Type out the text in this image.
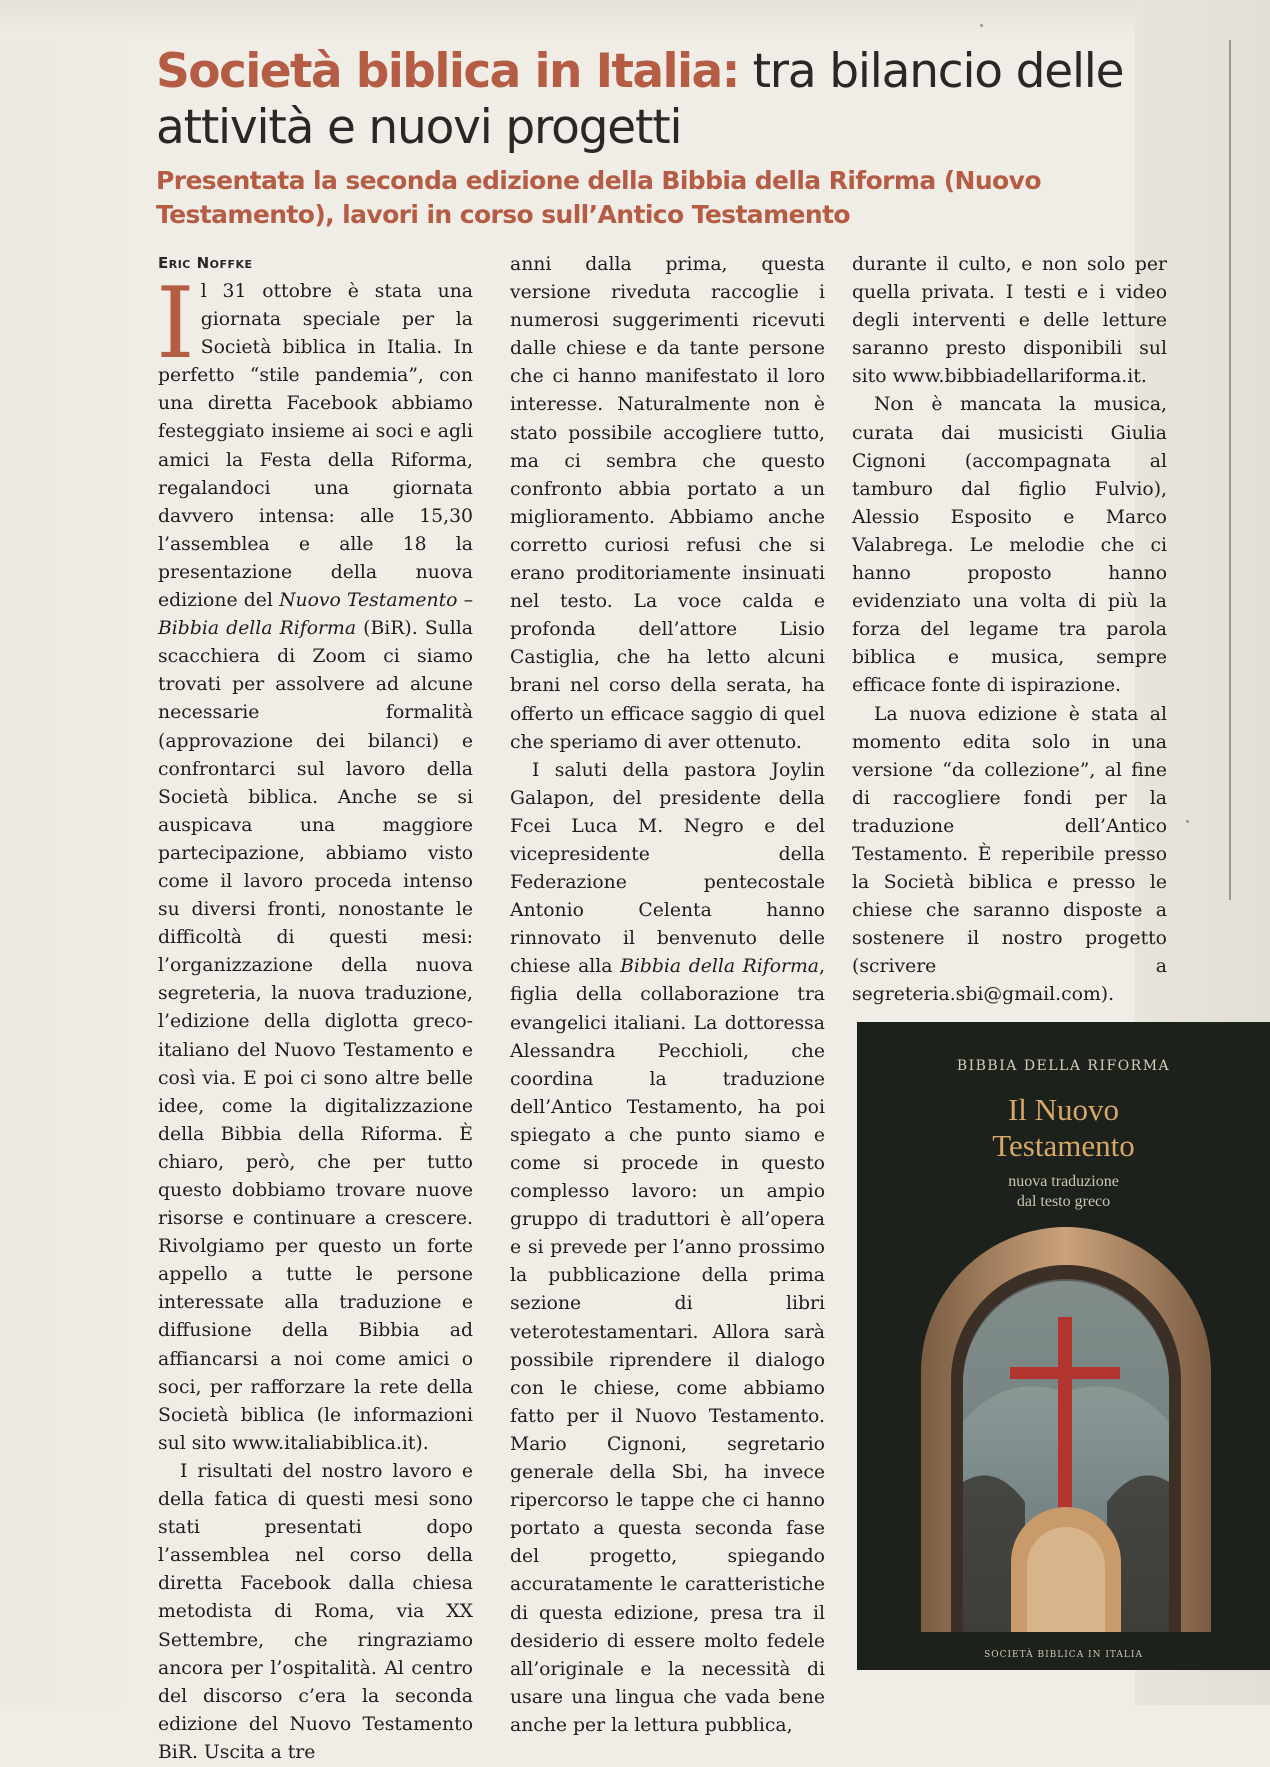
Società biblica in Italia: tra bilancio delle attività e nuovi progetti
Presentata la seconda edizione della Bibbia della Riforma (Nuovo Testamento), lavori in corso sull’Antico Testamento
Eric Noffke

Il 31 ottobre è stata una giornata speciale per la Società biblica in Italia. In perfetto “stile pandemia”, con una diretta Facebook abbiamo festeggiato insieme ai soci e agli amici la Festa della Riforma, regalandoci una giornata davvero intensa: alle 15,30 l’assemblea e alle 18 la presentazione della nuova edizione del Nuovo Testamento – Bibbia della Riforma (BiR). Sulla scacchiera di Zoom ci siamo trovati per assolvere ad alcune necessarie formalità (approvazione dei bilanci) e confrontarci sul lavoro della Società biblica. Anche se si auspicava una maggiore partecipazione, abbiamo visto come il lavoro proceda intenso su diversi fronti, nonostante le difficoltà di questi mesi: l’organizzazione della nuova segreteria, la nuova traduzione, l’edizione della diglotta greco-italiano del Nuovo Testamento e così via. E poi ci sono altre belle idee, come la digitalizzazione della Bibbia della Riforma. È chiaro, però, che per tutto questo dobbiamo trovare nuove risorse e continuare a crescere. Rivolgiamo per questo un forte appello a tutte le persone interessate alla traduzione e diffusione della Bibbia ad affiancarsi a noi come amici o soci, per rafforzare la rete della Società biblica (le informazioni sul sito www.italiabiblica.it).

I risultati del nostro lavoro e della fatica di questi mesi sono stati presentati dopo l’assemblea nel corso della diretta Facebook dalla chiesa metodista di Roma, via XX Settembre, che ringraziamo ancora per l’ospitalità. Al centro del discorso c’era la seconda edizione del Nuovo Testamento BiR. Uscita a tre

anni dalla prima, questa versione riveduta raccoglie i numerosi suggerimenti ricevuti dalle chiese e da tante persone che ci hanno manifestato il loro interesse. Naturalmente non è stato possibile accogliere tutto, ma ci sembra che questo confronto abbia portato a un miglioramento. Abbiamo anche corretto curiosi refusi che si erano proditoriamente insinuati nel testo. La voce calda e profonda dell’attore Lisio Castiglia, che ha letto alcuni brani nel corso della serata, ha offerto un efficace saggio di quel che speriamo di aver ottenuto.

I saluti della pastora Joylin Galapon, del presidente della Fcei Luca M. Negro e del vicepresidente della Federazione pentecostale Antonio Celenta hanno rinnovato il benvenuto delle chiese alla Bibbia della Riforma, figlia della collaborazione tra evangelici italiani. La dottoressa Alessandra Pecchioli, che coordina la traduzione dell’Antico Testamento, ha poi spiegato a che punto siamo e come si procede in questo complesso lavoro: un ampio gruppo di traduttori è all’opera e si prevede per l’anno prossimo la pubblicazione della prima sezione di libri veterotestamentari. Allora sarà possibile riprendere il dialogo con le chiese, come abbiamo fatto per il Nuovo Testamento. Mario Cignoni, segretario generale della Sbi, ha invece ripercorso le tappe che ci hanno portato a questa seconda fase del progetto, spiegando accuratamente le caratteristiche di questa edizione, presa tra il desiderio di essere molto fedele all’originale e la necessità di usare una lingua che vada bene anche per la lettura pubblica,

durante il culto, e non solo per quella privata. I testi e i video degli interventi e delle letture saranno presto disponibili sul sito www.bibbiadellariforma.it.

Non è mancata la musica, curata dai musicisti Giulia Cignoni (accompagnata al tamburo dal figlio Fulvio), Alessio Esposito e Marco Valabrega. Le melodie che ci hanno proposto hanno evidenziato una volta di più la forza del legame tra parola biblica e musica, sempre efficace fonte di ispirazione.

La nuova edizione è stata al momento edita solo in una versione “da collezione”, al fine di raccogliere fondi per la traduzione dell’Antico Testamento. È reperibile presso la Società biblica e presso le chiese che saranno disposte a sostenere il nostro progetto (scrivere a segreteria.sbi@gmail.com).

BIBBIA DELLA RIFORMA
Il Nuovo
Testamento
nuova traduzione
dal testo greco
SOCIETÀ BIBLICA IN ITALIA
